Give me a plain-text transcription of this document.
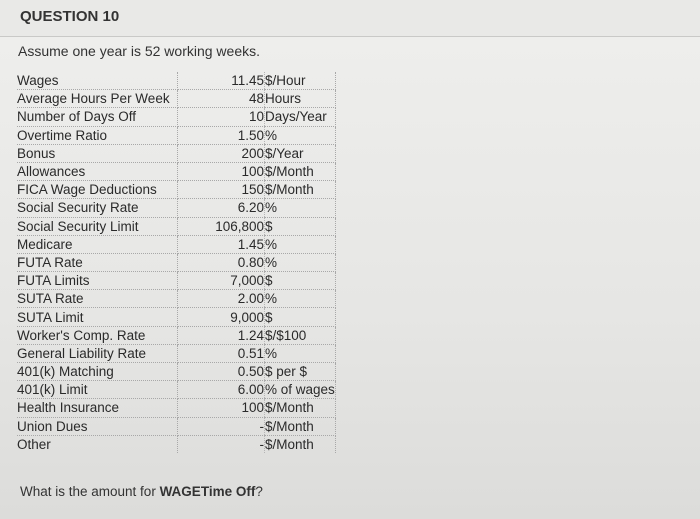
QUESTION 10
Assume one year is 52 working weeks.
Wages	11.45	$/Hour
Average Hours Per Week	48	Hours
Number of Days Off	10	Days/Year
Overtime Ratio	1.50	%
Bonus	200	$/Year
Allowances	100	$/Month
FICA Wage Deductions	150	$/Month
Social Security Rate	6.20	%
Social Security Limit	106,800	$
Medicare	1.45	%
FUTA Rate	0.80	%
FUTA Limits	7,000	$
SUTA Rate	2.00	%
SUTA Limit	9,000	$
Worker's Comp. Rate	1.24	$/$100
General Liability Rate	0.51	%
401(k) Matching	0.50	$ per $
401(k) Limit	6.00	% of wages
Health Insurance	100	$/Month
Union Dues	-	$/Month
Other	-	$/Month
What is the amount for WAGETime Off?
